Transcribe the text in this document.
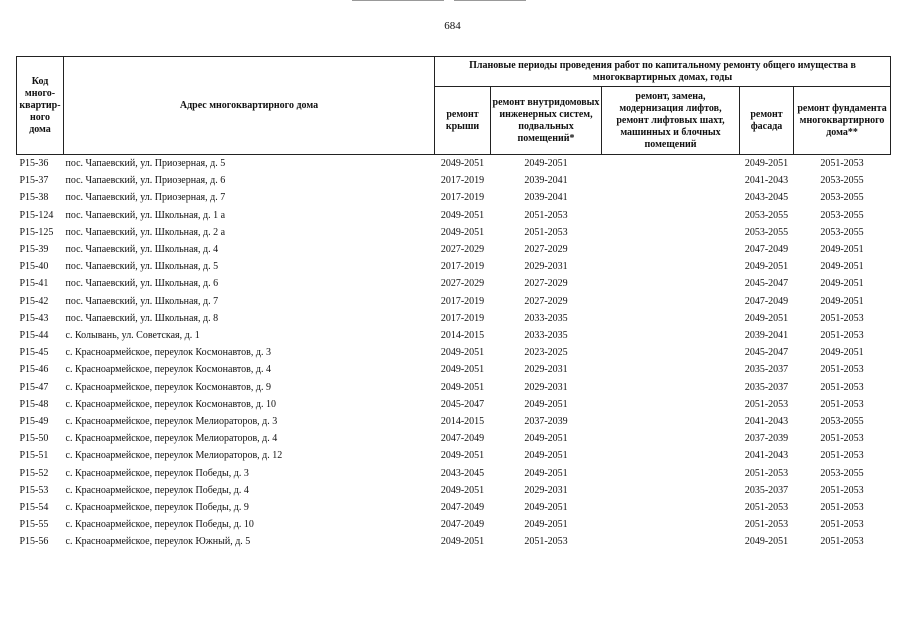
684
Код много-квартир-ного дома	Адрес многоквартирного дома	Плановые периоды проведения работ по капитальному ремонту общего имущества в многоквартирных домах, годы				
		ремонт крыши	ремонт внутридомовых инженерных систем, подвальных помещений*	ремонт, замена, модернизация лифтов, ремонт лифтовых шахт, машинных и блочных помещений	ремонт фасада	ремонт фундамента многоквартирного дома**
P15-36	пос. Чапаевский, ул. Приозерная, д. 5	2049-2051	2049-2051		2049-2051	2051-2053
P15-37	пос. Чапаевский, ул. Приозерная, д. 6	2017-2019	2039-2041		2041-2043	2053-2055
P15-38	пос. Чапаевский, ул. Приозерная, д. 7	2017-2019	2039-2041		2043-2045	2053-2055
P15-124	пос. Чапаевский, ул. Школьная, д. 1 а	2049-2051	2051-2053		2053-2055	2053-2055
P15-125	пос. Чапаевский, ул. Школьная, д. 2 а	2049-2051	2051-2053		2053-2055	2053-2055
P15-39	пос. Чапаевский, ул. Школьная, д. 4	2027-2029	2027-2029		2047-2049	2049-2051
P15-40	пос. Чапаевский, ул. Школьная, д. 5	2017-2019	2029-2031		2049-2051	2049-2051
P15-41	пос. Чапаевский, ул. Школьная, д. 6	2027-2029	2027-2029		2045-2047	2049-2051
P15-42	пос. Чапаевский, ул. Школьная, д. 7	2017-2019	2027-2029		2047-2049	2049-2051
P15-43	пос. Чапаевский, ул. Школьная, д. 8	2017-2019	2033-2035		2049-2051	2051-2053
P15-44	с. Колывань, ул. Советская, д. 1	2014-2015	2033-2035		2039-2041	2051-2053
P15-45	с. Красноармейское, переулок Космонавтов, д. 3	2049-2051	2023-2025		2045-2047	2049-2051
P15-46	с. Красноармейское, переулок Космонавтов, д. 4	2049-2051	2029-2031		2035-2037	2051-2053
P15-47	с. Красноармейское, переулок Космонавтов, д. 9	2049-2051	2029-2031		2035-2037	2051-2053
P15-48	с. Красноармейское, переулок Космонавтов, д. 10	2045-2047	2049-2051		2051-2053	2051-2053
P15-49	с. Красноармейское, переулок Мелиораторов, д. 3	2014-2015	2037-2039		2041-2043	2053-2055
P15-50	с. Красноармейское, переулок Мелиораторов, д. 4	2047-2049	2049-2051		2037-2039	2051-2053
P15-51	с. Красноармейское, переулок Мелиораторов, д. 12	2049-2051	2049-2051		2041-2043	2051-2053
P15-52	с. Красноармейское, переулок Победы, д. 3	2043-2045	2049-2051		2051-2053	2053-2055
P15-53	с. Красноармейское, переулок Победы, д. 4	2049-2051	2029-2031		2035-2037	2051-2053
P15-54	с. Красноармейское, переулок Победы, д. 9	2047-2049	2049-2051		2051-2053	2051-2053
P15-55	с. Красноармейское, переулок Победы, д. 10	2047-2049	2049-2051		2051-2053	2051-2053
P15-56	с. Красноармейское, переулок Южный, д. 5	2049-2051	2051-2053		2049-2051	2051-2053
